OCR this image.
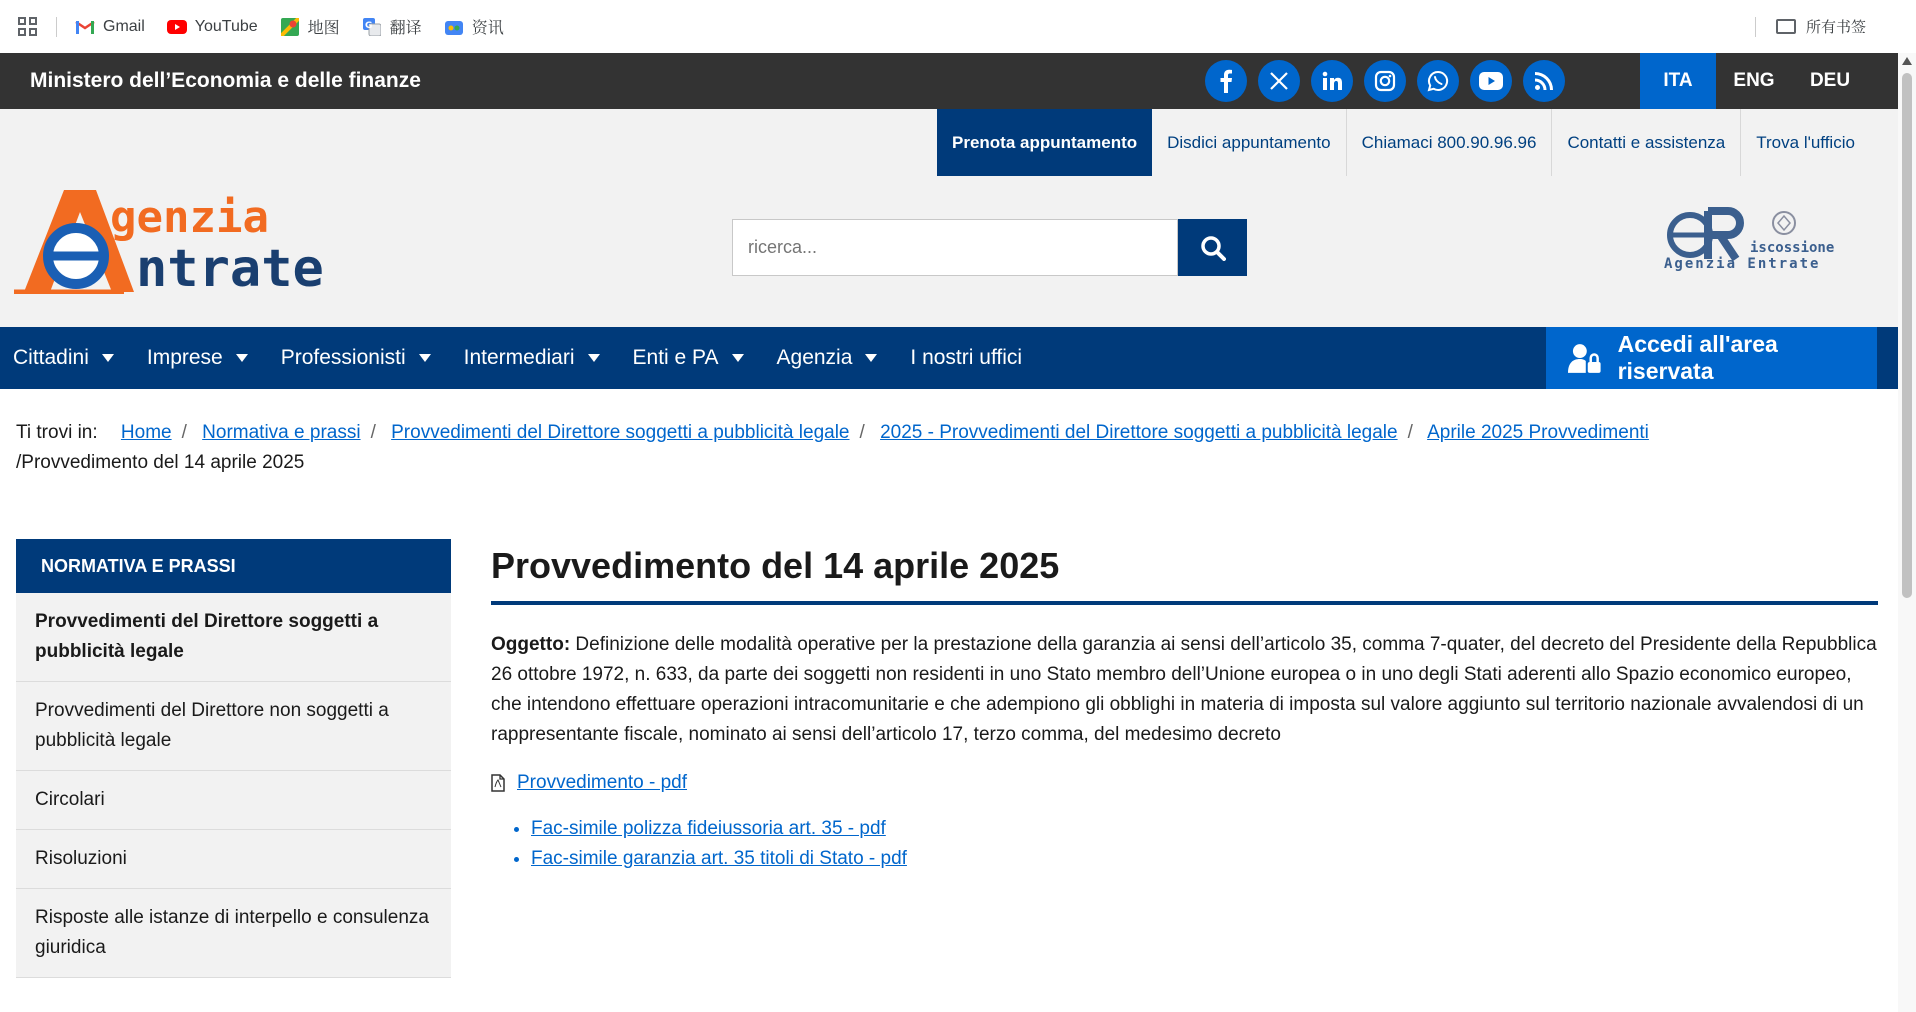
Gmail	YouTube	地图	G 翻译	资讯	所有书签
Ministero dell’Economia e delle finanze	ITA	ENG	DEU
Prenota appuntamento	Disdici appuntamento	Chiamaci 800.90.96.96	Contatti e assistenza	Trova l'ufficio
genzia
ntrate
ricerca...	iscossione
Agenzia Entrate
Cittadini	Imprese	Professionisti	Intermediari	Enti e PA	Agenzia	I nostri uffici
Accedi all'area riservata
Ti trovi in: Home / Normativa e prassi / Provvedimenti del Direttore soggetti a pubblicità legale / 2025 - Provvedimenti del Direttore soggetti a pubblicità legale / Aprile 2025 Provvedimenti
/Provvedimento del 14 aprile 2025
NORMATIVA E PRASSI
Provvedimenti del Direttore soggetti a pubblicità legale
Provvedimenti del Direttore non soggetti a pubblicità legale
Circolari
Risoluzioni
Risposte alle istanze di interpello e consulenza giuridica
Provvedimento del 14 aprile 2025

Oggetto: Definizione delle modalità operative per la prestazione della garanzia ai sensi dell’articolo 35, comma 7-quater, del decreto del Presidente della Repubblica 26 ottobre 1972, n. 633, da parte dei soggetti non residenti in uno Stato membro dell’Unione europea o in uno degli Stati aderenti allo Spazio economico europeo, che intendono effettuare operazioni intracomunitarie e che adempiono gli obblighi in materia di imposta sul valore aggiunto sul territorio nazionale avvalendosi di un rappresentante fiscale, nominato ai sensi dell’articolo 17, terzo comma, del medesimo decreto

Provvedimento - pdf
• Fac-simile polizza fideiussoria art. 35 - pdf
• Fac-simile garanzia art. 35 titoli di Stato - pdf
